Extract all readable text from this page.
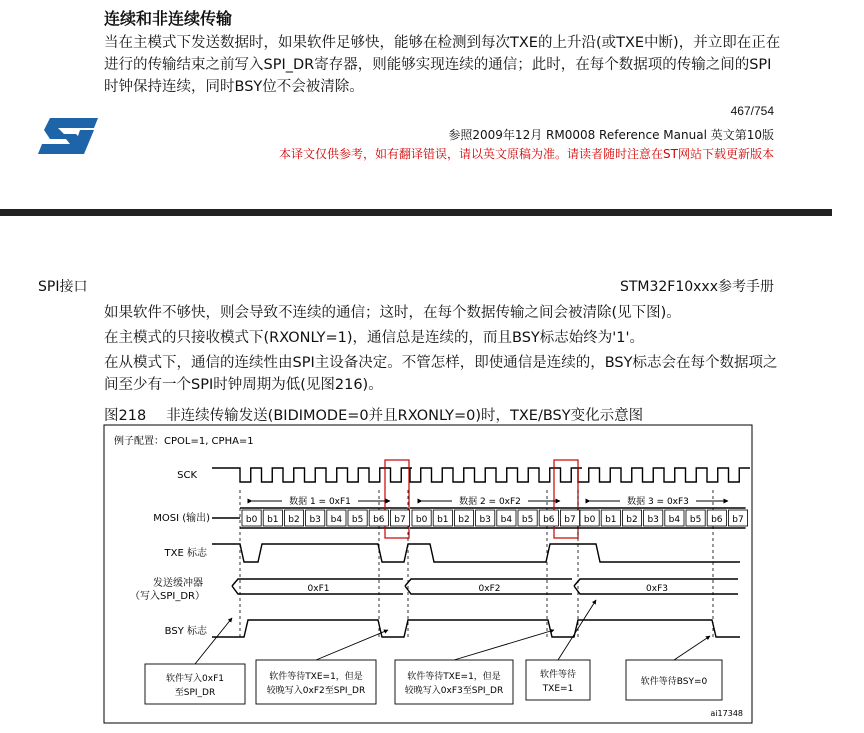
连续和非连续传输
当在主模式下发送数据时，如果软件足够快，能够在检测到每次TXE的上升沿(或TXE中断)，并立即在正在进行的传输结束之前写入SPI_DR寄存器，则能够实现连续的通信；此时，在每个数据项的传输之间的SPI时钟保持连续，同时BSY位不会被清除。
467/754
参照2009年12月 RM0008 Reference Manual 英文第10版
本译文仅供参考，如有翻译错误，请以英文原稿为准。请读者随时注意在ST网站下载更新版本
SPI接口	STM32F10xxx参考手册
如果软件不够快，则会导致不连续的通信；这时，在每个数据传输之间会被清除(见下图)。
在主模式的只接收模式下(RXONLY=1)，通信总是连续的，而且BSY标志始终为'1'。
在从模式下，通信的连续性由SPI主设备决定。不管怎样，即使通信是连续的，BSY标志会在每个数据项之间至少有一个SPI时钟周期为低(见图216)。
图218 非连续传输发送(BIDIMODE=0并且RXONLY=0)时，TXE/BSY变化示意图
例子配置：CPOL=1, CPHA=1
SCK
MOSI (输出)
TXE 标志
发送缓冲器
（写入SPI_DR）
BSY 标志
b0 b1 b2 b3 b4 b5 b6 b7
数据 1 = 0xF1
b0 b1 b2 b3 b4 b5 b6 b7
数据 2 = 0xF2
b0 b1 b2 b3 b4 b5 b6 b7
数据 3 = 0xF3
0xF1	0xF2	0xF3
软件写入0xF1
至SPI_DR
软件等待TXE=1，但是
较晚写入0xF2至SPI_DR
软件等待TXE=1，但是
较晚写入0xF3至SPI_DR
软件等待
TXE=1
软件等待BSY=0
ai17348
